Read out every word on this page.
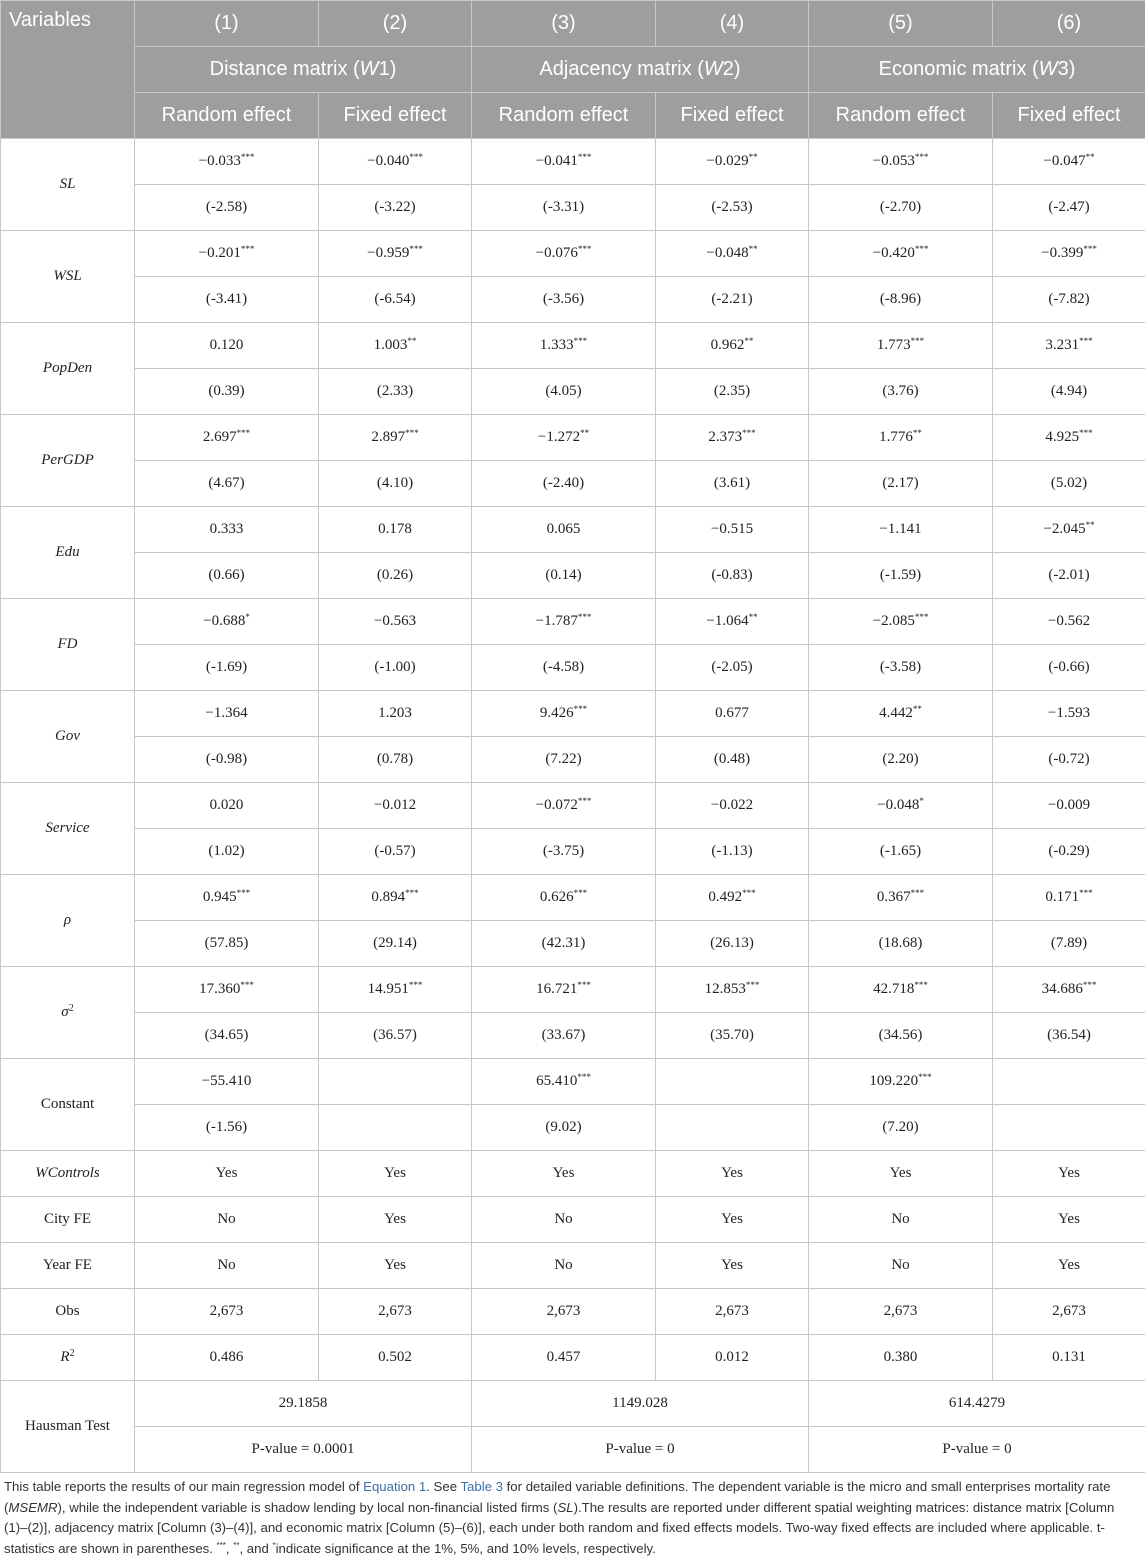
Variables	(1)	(2)	(3)	(4)	(5)	(6)
	Distance matrix (W1)		Adjacency matrix (W2)		Economic matrix (W3)	
	Random effect	Fixed effect	Random effect	Fixed effect	Random effect	Fixed effect
SL	−0.033***	−0.040***	−0.041***	−0.029**	−0.053***	−0.047**
	(-2.58)	(-3.22)	(-3.31)	(-2.53)	(-2.70)	(-2.47)
WSL	−0.201***	−0.959***	−0.076***	−0.048**	−0.420***	−0.399***
	(-3.41)	(-6.54)	(-3.56)	(-2.21)	(-8.96)	(-7.82)
PopDen	0.120	1.003**	1.333***	0.962**	1.773***	3.231***
	(0.39)	(2.33)	(4.05)	(2.35)	(3.76)	(4.94)
PerGDP	2.697***	2.897***	−1.272**	2.373***	1.776**	4.925***
	(4.67)	(4.10)	(-2.40)	(3.61)	(2.17)	(5.02)
Edu	0.333	0.178	0.065	−0.515	−1.141	−2.045**
	(0.66)	(0.26)	(0.14)	(-0.83)	(-1.59)	(-2.01)
FD	−0.688*	−0.563	−1.787***	−1.064**	−2.085***	−0.562
	(-1.69)	(-1.00)	(-4.58)	(-2.05)	(-3.58)	(-0.66)
Gov	−1.364	1.203	9.426***	0.677	4.442**	−1.593
	(-0.98)	(0.78)	(7.22)	(0.48)	(2.20)	(-0.72)
Service	0.020	−0.012	−0.072***	−0.022	−0.048*	−0.009
	(1.02)	(-0.57)	(-3.75)	(-1.13)	(-1.65)	(-0.29)
ρ	0.945***	0.894***	0.626***	0.492***	0.367***	0.171***
	(57.85)	(29.14)	(42.31)	(26.13)	(18.68)	(7.89)
$\sigma^2$	17.360***	14.951***	16.721***	12.853***	42.718***	34.686***
	(34.65)	(36.57)	(33.67)	(35.70)	(34.56)	(36.54)
Constant	−55.410		65.410***		109.220***	
	(-1.56)		(9.02)		(7.20)	
WControls	Yes	Yes	Yes	Yes	Yes	Yes
City FE	No	Yes	No	Yes	No	Yes
Year FE	No	Yes	No	Yes	No	Yes
Obs	2,673	2,673	2,673	2,673	2,673	2,673
$R^2$	0.486	0.502	0.457	0.012	0.380	0.131
Hausman Test	29.1858		1149.028		614.4279	
	P-value = 0.0001		P-value = 0		P-value = 0	
This table reports the results of our main regression model of Equation 1. See Table 3 for detailed variable definitions. The dependent variable is the micro and small enterprises mortality rate (MSEMR), while the independent variable is shadow lending by local non-financial listed firms (SL).The results are reported under different spatial weighting matrices: distance matrix [Column (1)–(2)], adjacency matrix [Column (3)–(4)], and economic matrix [Column (5)–(6)], each under both random and fixed effects models. Two-way fixed effects are included where applicable. t-statistics are shown in parentheses. ***, **, and *indicate significance at the 1%, 5%, and 10% levels, respectively.
